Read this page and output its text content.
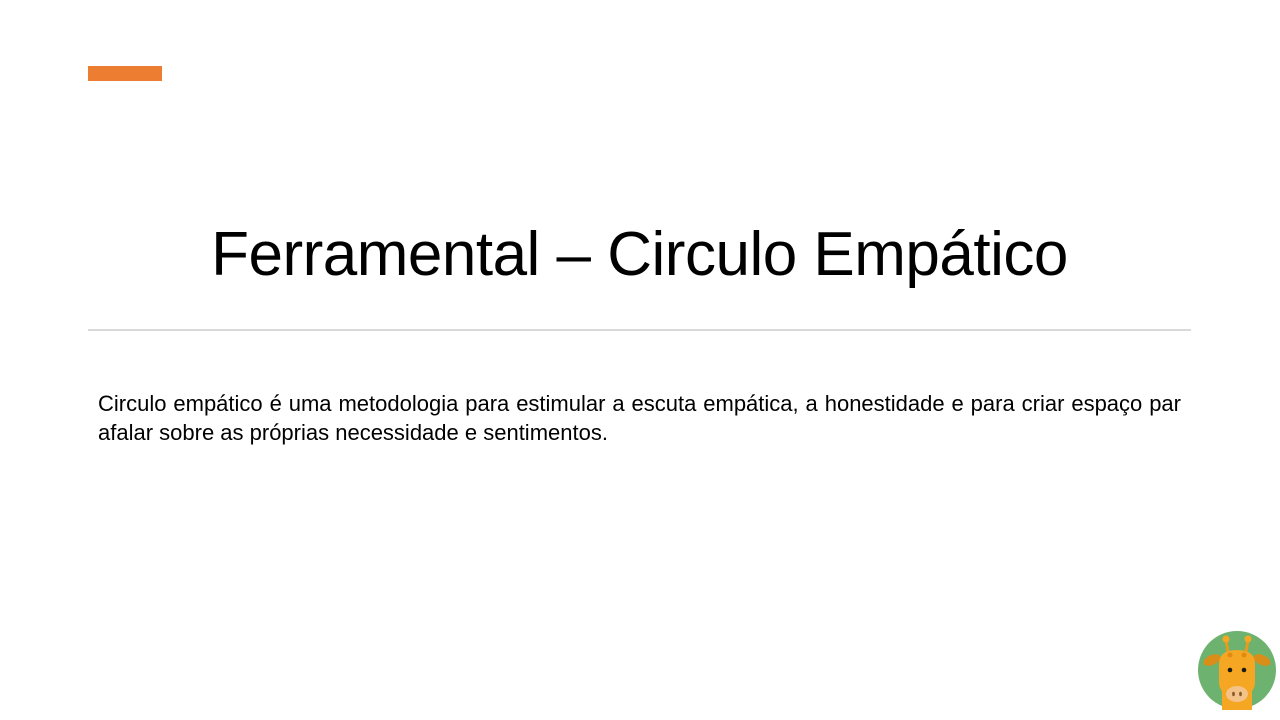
Ferramental – Circulo Empático

Circulo empático é uma metodologia para estimular a escuta empática, a honestidade e para criar espaço par afalar sobre as próprias necessidade e sentimentos.
